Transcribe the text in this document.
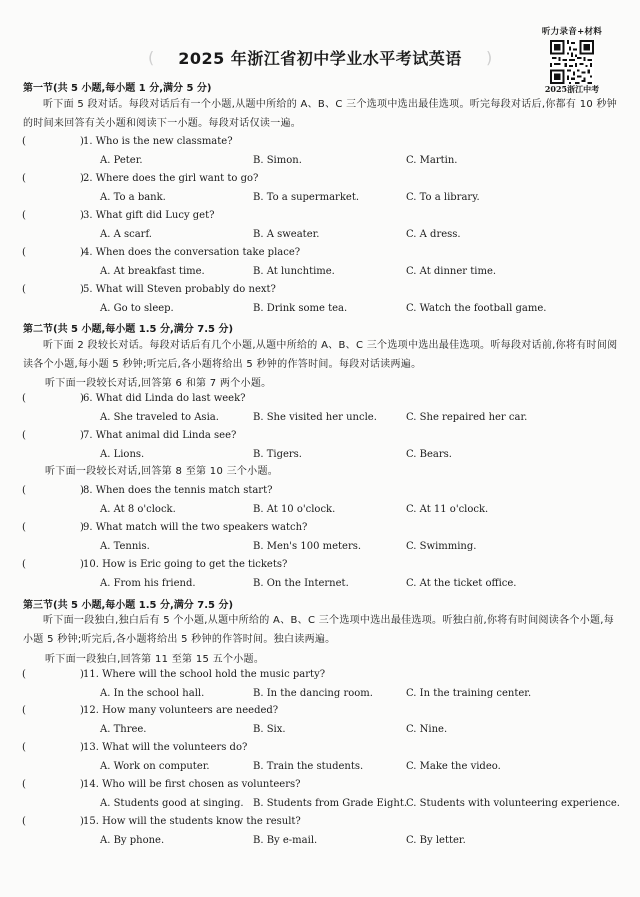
(	2025 年浙江省初中学业水平考试英语	)
听力录音+材料
2025浙江中考
第一节(共 5 小题,每小题 1 分,满分 5 分)
听下面 5 段对话。每段对话后有一个小题,从题中所给的 A、B、C 三个选项中选出最佳选项。听完每段对话后,你都有 10 秒钟的时间来回答有关小题和阅读下一小题。每段对话仅读一遍。
第二节(共 5 小题,每小题 1.5 分,满分 7.5 分)
听下面 2 段较长对话。每段对话后有几个小题,从题中所给的 A、B、C 三个选项中选出最佳选项。听每段对话前,你将有时间阅读各个小题,每小题 5 秒钟;听完后,各小题将给出 5 秒钟的作答时间。每段对话读两遍。
听下面一段较长对话,回答第 6 和第 7 两个小题。
听下面一段较长对话,回答第 8 至第 10 三个小题。
第三节(共 5 小题,每小题 1.5 分,满分 7.5 分)
听下面一段独白,独白后有 5 个小题,从题中所给的 A、B、C 三个选项中选出最佳选项。听独白前,你将有时间阅读各个小题,每小题 5 秒钟;听完后,各小题将给出 5 秒钟的作答时间。独白读两遍。
听下面一段独白,回答第 11 至第 15 五个小题。
(	) 1. Who is the new classmate?
A. Peter.	B. Simon.	C. Martin.
(	) 2. Where does the girl want to go?
A. To a bank.	B. To a supermarket.	C. To a library.
(	) 3. What gift did Lucy get?
A. A scarf.	B. A sweater.	C. A dress.
(	) 4. When does the conversation take place?
A. At breakfast time.	B. At lunchtime.	C. At dinner time.
(	) 5. What will Steven probably do next?
A. Go to sleep.	B. Drink some tea.	C. Watch the football game.
(	) 6. What did Linda do last week?
A. She traveled to Asia.	B. She visited her uncle.	C. She repaired her car.
(	) 7. What animal did Linda see?
A. Lions.	B. Tigers.	C. Bears.
(	) 8. When does the tennis match start?
A. At 8 o'clock.	B. At 10 o'clock.	C. At 11 o'clock.
(	) 9. What match will the two speakers watch?
A. Tennis.	B. Men's 100 meters.	C. Swimming.
(	) 10. How is Eric going to get the tickets?
A. From his friend.	B. On the Internet.	C. At the ticket office.
(	) 11. Where will the school hold the music party?
A. In the school hall.	B. In the dancing room.	C. In the training center.
(	) 12. How many volunteers are needed?
A. Three.	B. Six.	C. Nine.
(	) 13. What will the volunteers do?
A. Work on computer.	B. Train the students.	C. Make the video.
(	) 14. Who will be first chosen as volunteers?
A. Students good at singing. B. Students from Grade Eight.
C. Students with volunteering experience.
(	) 15. How will the students know the result?
A. By phone.	B. By e-mail.	C. By letter.
